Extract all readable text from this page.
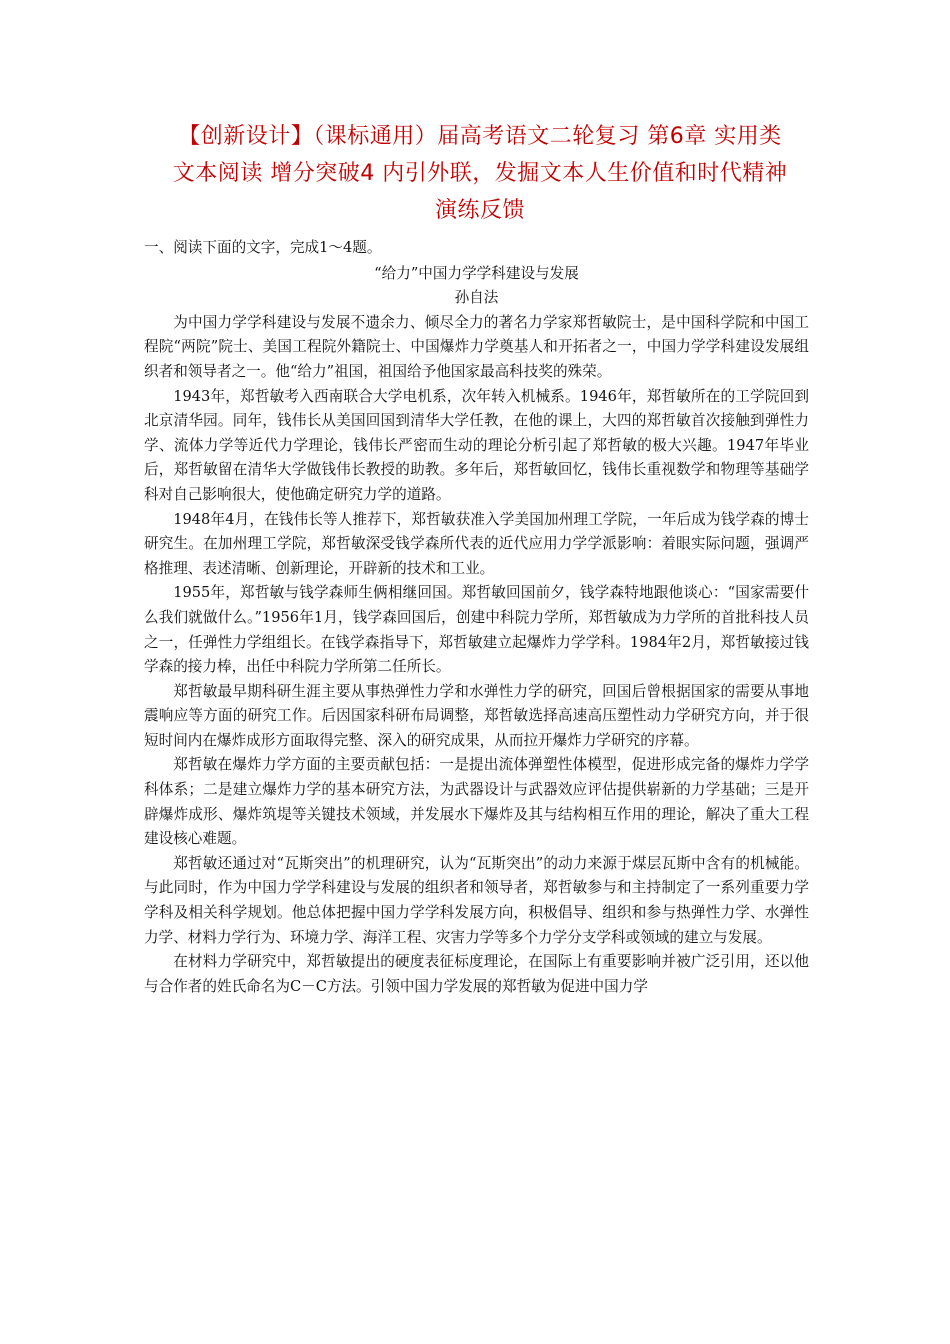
【创新设计】（课标通用）届高考语文二轮复习 第6章 实用类
文本阅读 增分突破4 内引外联，发掘文本人生价值和时代精神
演练反馈

一、阅读下面的文字，完成1～4题。

“给力”中国力学学科建设与发展

孙自法

为中国力学学科建设与发展不遗余力、倾尽全力的著名力学家郑哲敏院士，是中国科学院和中国工程院“两院”院士、美国工程院外籍院士、中国爆炸力学奠基人和开拓者之一，中国力学学科建设发展组织者和领导者之一。他“给力”祖国，祖国给予他国家最高科技奖的殊荣。

1943年，郑哲敏考入西南联合大学电机系，次年转入机械系。1946年，郑哲敏所在的工学院回到北京清华园。同年，钱伟长从美国回国到清华大学任教，在他的课上，大四的郑哲敏首次接触到弹性力学、流体力学等近代力学理论，钱伟长严密而生动的理论分析引起了郑哲敏的极大兴趣。1947年毕业后，郑哲敏留在清华大学做钱伟长教授的助教。多年后，郑哲敏回忆，钱伟长重视数学和物理等基础学科对自己影响很大，使他确定研究力学的道路。

1948年4月，在钱伟长等人推荐下，郑哲敏获准入学美国加州理工学院，一年后成为钱学森的博士研究生。在加州理工学院，郑哲敏深受钱学森所代表的近代应用力学学派影响：着眼实际问题，强调严格推理、表述清晰、创新理论，开辟新的技术和工业。

1955年，郑哲敏与钱学森师生俩相继回国。郑哲敏回国前夕，钱学森特地跟他谈心：“国家需要什么我们就做什么。”1956年1月，钱学森回国后，创建中科院力学所，郑哲敏成为力学所的首批科技人员之一，任弹性力学组组长。在钱学森指导下，郑哲敏建立起爆炸力学学科。1984年2月，郑哲敏接过钱学森的接力棒，出任中科院力学所第二任所长。

郑哲敏最早期科研生涯主要从事热弹性力学和水弹性力学的研究，回国后曾根据国家的需要从事地震响应等方面的研究工作。后因国家科研布局调整，郑哲敏选择高速高压塑性动力学研究方向，并于很短时间内在爆炸成形方面取得完整、深入的研究成果，从而拉开爆炸力学研究的序幕。

郑哲敏在爆炸力学方面的主要贡献包括：一是提出流体弹塑性体模型，促进形成完备的爆炸力学学科体系；二是建立爆炸力学的基本研究方法，为武器设计与武器效应评估提供崭新的力学基础；三是开辟爆炸成形、爆炸筑堤等关键技术领域，并发展水下爆炸及其与结构相互作用的理论，解决了重大工程建设核心难题。

郑哲敏还通过对“瓦斯突出”的机理研究，认为“瓦斯突出”的动力来源于煤层瓦斯中含有的机械能。与此同时，作为中国力学学科建设与发展的组织者和领导者，郑哲敏参与和主持制定了一系列重要力学学科及相关科学规划。他总体把握中国力学学科发展方向，积极倡导、组织和参与热弹性力学、水弹性力学、材料力学行为、环境力学、海洋工程、灾害力学等多个力学分支学科或领域的建立与发展。

在材料力学研究中，郑哲敏提出的硬度表征标度理论，在国际上有重要影响并被广泛引用，还以他与合作者的姓氏命名为C－C方法。引领中国力学发展的郑哲敏为促进中国力学
